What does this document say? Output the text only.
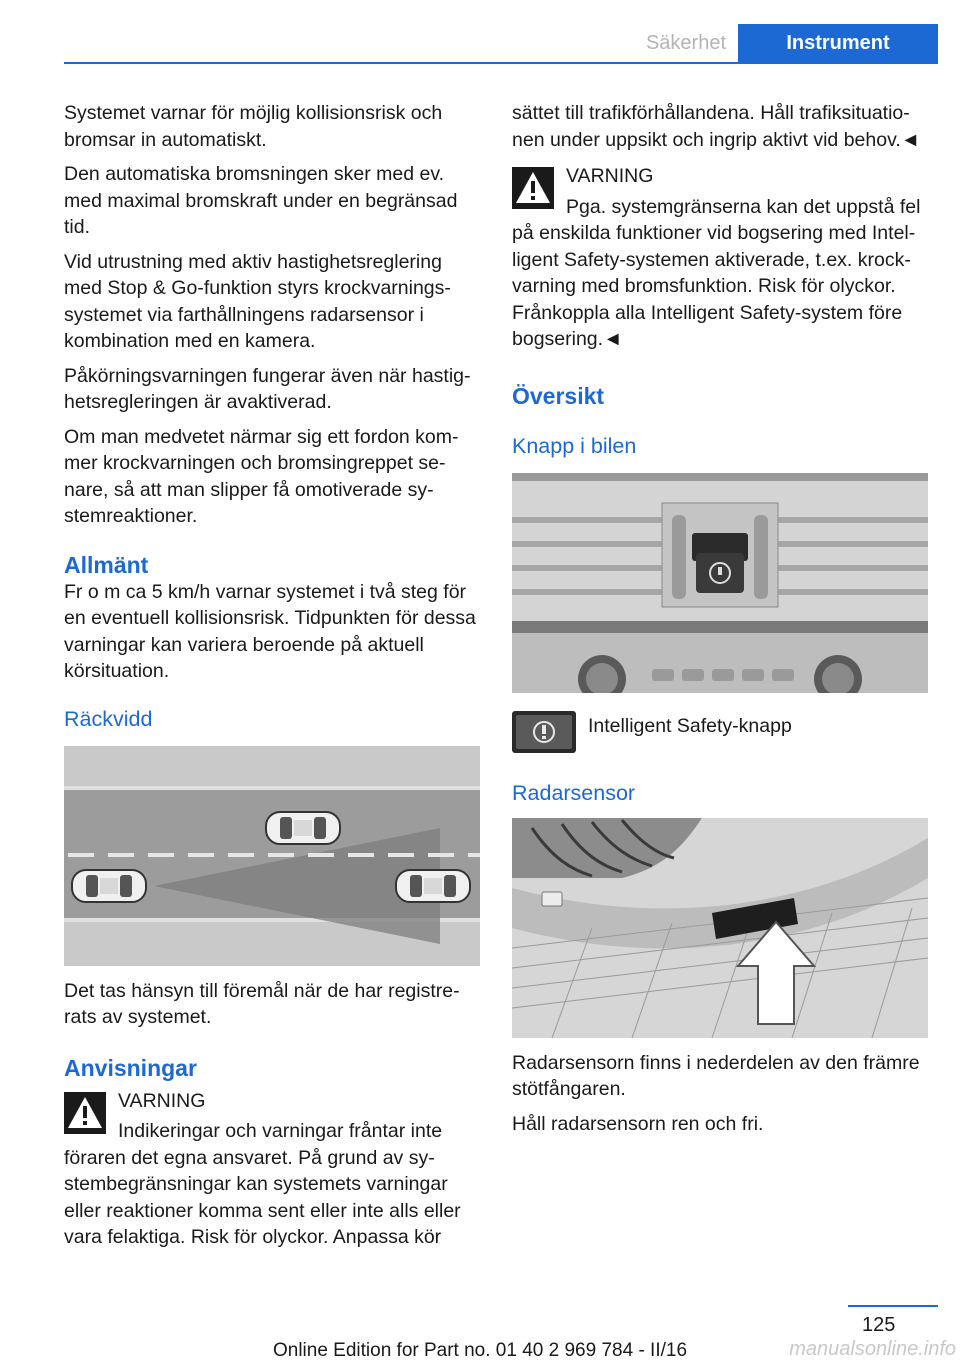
Säkerhet	Instrument

Systemet varnar för möjlig kollisionsrisk och bromsar in automatiskt.

Den automatiska bromsningen sker med ev. med maximal bromskraft under en begränsad tid.

Vid utrustning med aktiv hastighetsreglering med Stop & Go-funktion styrs krockvarningssystemet via farthållningens radarsensor i kombination med en kamera.

Påkörningsvarningen fungerar även när hastighetsregleringen är avaktiverad.

Om man medvetet närmar sig ett fordon kommer krockvarningen och bromsingreppet senare, så att man slipper få omotiverade systemreaktioner.

Allmänt

Fr o m ca 5 km/h varnar systemet i två steg för en eventuell kollisionsrisk. Tidpunkten för dessa varningar kan variera beroende på aktuell körsituation.

Räckvidd

Det tas hänsyn till föremål när de har registrerats av systemet.

Anvisningar

VARNING

Indikeringar och varningar fråntar inte föraren det egna ansvaret. På grund av systembegränsningar kan systemets varningar eller reaktioner komma sent eller inte alls eller vara felaktiga. Risk för olyckor. Anpassa kör

sättet till trafikförhållandena. Håll trafiksituationen under uppsikt och ingrip aktivt vid behov.◄

VARNING

Pga. systemgränserna kan det uppstå fel på enskilda funktioner vid bogsering med Intelligent Safety-systemen aktiverade, t.ex. krockvarning med bromsfunktion. Risk för olyckor. Frånkoppla alla Intelligent Safety-system före bogsering.◄

Översikt
Knapp i bilen
Intelligent Safety-knapp
Radarsensor

Radarsensorn finns i nederdelen av den främre stötfångaren.

Håll radarsensorn ren och fri.

125
Online Edition for Part no. 01 40 2 969 784 - II/16	manualsonline.info
